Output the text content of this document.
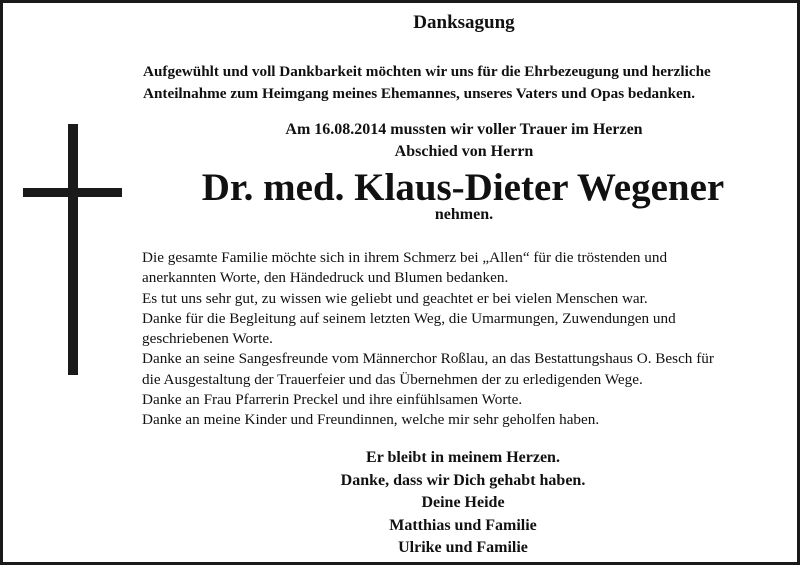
Danksagung
Aufgewühlt und voll Dankbarkeit möchten wir uns für die Ehrbezeugung und herzliche
Anteilnahme zum Heimgang meines Ehemannes, unseres Vaters und Opas bedanken.
Am 16.08.2014 mussten wir voller Trauer im Herzen
Abschied von Herrn
Dr. med. Klaus-Dieter Wegener
nehmen.
Die gesamte Familie möchte sich in ihrem Schmerz bei „Allen“ für die tröstenden und
anerkannten Worte, den Händedruck und Blumen bedanken.
Es tut uns sehr gut, zu wissen wie geliebt und geachtet er bei vielen Menschen war.
Danke für die Begleitung auf seinem letzten Weg, die Umarmungen, Zuwendungen und
geschriebenen Worte.
Danke an seine Sangesfreunde vom Männerchor Roßlau, an das Bestattungshaus O. Besch für
die Ausgestaltung der Trauerfeier und das Übernehmen der zu erledigenden Wege.
Danke an Frau Pfarrerin Preckel und ihre einfühlsamen Worte.
Danke an meine Kinder und Freundinnen, welche mir sehr geholfen haben.
Er bleibt in meinem Herzen.
Danke, dass wir Dich gehabt haben.
Deine Heide
Matthias und Familie
Ulrike und Familie
